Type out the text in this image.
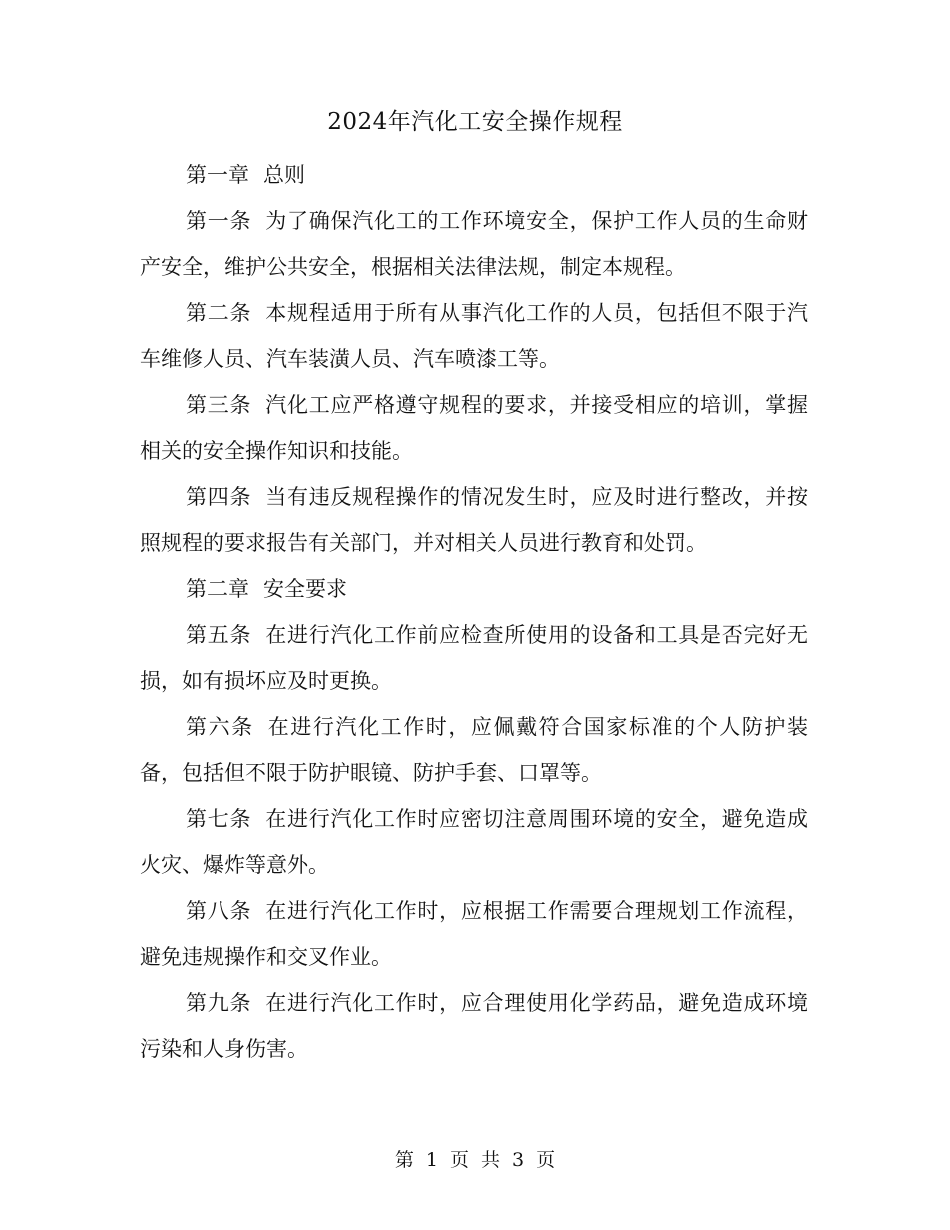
2024年汽化工安全操作规程

第一章 总则

第一条 为了确保汽化工的工作环境安全，保护工作人员的生命财产安全，维护公共安全，根据相关法律法规，制定本规程。

第二条 本规程适用于所有从事汽化工作的人员，包括但不限于汽车维修人员、汽车装潢人员、汽车喷漆工等。

第三条 汽化工应严格遵守规程的要求，并接受相应的培训，掌握相关的安全操作知识和技能。

第四条 当有违反规程操作的情况发生时，应及时进行整改，并按照规程的要求报告有关部门，并对相关人员进行教育和处罚。

第二章 安全要求

第五条 在进行汽化工作前应检查所使用的设备和工具是否完好无损，如有损坏应及时更换。

第六条 在进行汽化工作时，应佩戴符合国家标准的个人防护装备，包括但不限于防护眼镜、防护手套、口罩等。

第七条 在进行汽化工作时应密切注意周围环境的安全，避免造成火灾、爆炸等意外。

第八条 在进行汽化工作时，应根据工作需要合理规划工作流程，避免违规操作和交叉作业。

第九条 在进行汽化工作时，应合理使用化学药品，避免造成环境污染和人身伤害。

第 1 页 共 3 页
